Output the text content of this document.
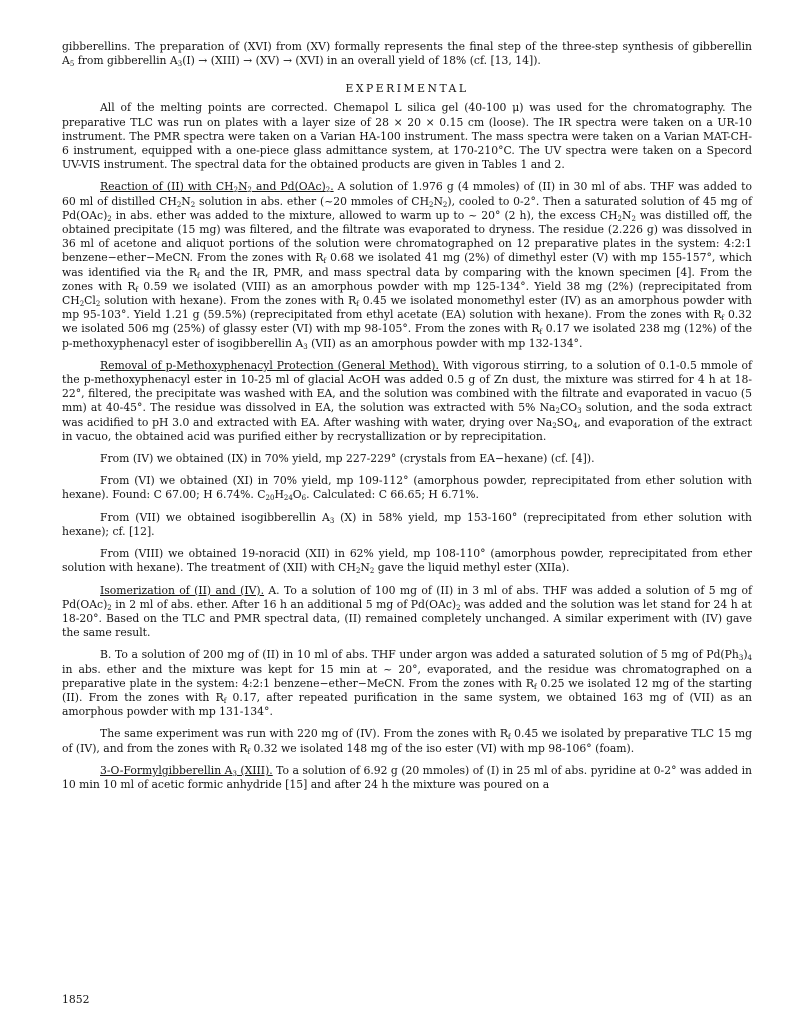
gibberellins. The preparation of (XVI) from (XV) formally represents the final step of the three-step synthesis of gibberellin $A_5$ from gibberellin $A_3(I)$ → (XIII) → (XV) → (XVI) in an overall yield of 18% (cf. [13, 14]).

EXPERIMENTAL

All of the melting points are corrected. Chemapol L silica gel (40-100 μ) was used for the chromatography. The preparative TLC was run on plates with a layer size of 28 × 20 × 0.15 cm (loose). The IR spectra were taken on a UR-10 instrument. The PMR spectra were taken on a Varian HA-100 instrument. The mass spectra were taken on a Varian MAT-CH-6 instrument, equipped with a one-piece glass admittance system, at 170-210°C. The UV spectra were taken on a Specord UV-VIS instrument. The spectral data for the obtained products are given in Tables 1 and 2.

Reaction of (II) with $CH_2N_2$ and $Pd(OAc)_2$. A solution of 1.976 g (4 mmoles) of (II) in 30 ml of abs. THF was added to 60 ml of distilled $CH_2N_2$ solution in abs. ether (~20 mmoles of $CH_2N_2$), cooled to 0-2°. Then a saturated solution of 45 mg of $Pd(OAc)_2$ in abs. ether was added to the mixture, allowed to warm up to ~ 20° (2 h), the excess $CH_2N_2$ was distilled off, the obtained precipitate (15 mg) was filtered, and the filtrate was evaporated to dryness. The residue (2.226 g) was dissolved in 36 ml of acetone and aliquot portions of the solution were chromatographed on 12 preparative plates in the system: 4:2:1 benzene−ether−MeCN. From the zones with $R_f$ 0.68 we isolated 41 mg (2%) of dimethyl ester (V) with mp 155-157°, which was identified via the $R_f$ and the IR, PMR, and mass spectral data by comparing with the known specimen [4]. From the zones with $R_f$ 0.59 we isolated (VIII) as an amorphous powder with mp 125-134°. Yield 38 mg (2%) (reprecipitated from $CH_2Cl_2$ solution with hexane). From the zones with $R_f$ 0.45 we isolated monomethyl ester (IV) as an amorphous powder with mp 95-103°. Yield 1.21 g (59.5%) (reprecipitated from ethyl acetate (EA) solution with hexane). From the zones with $R_f$ 0.32 we isolated 506 mg (25%) of glassy ester (VI) with mp 98-105°. From the zones with $R_f$ 0.17 we isolated 238 mg (12%) of the p-methoxyphenacyl ester of isogibberellin $A_3$ (VII) as an amorphous powder with mp 132-134°.

Removal of p-Methoxyphenacyl Protection (General Method). With vigorous stirring, to a solution of 0.1-0.5 mmole of the p-methoxyphenacyl ester in 10-25 ml of glacial AcOH was added 0.5 g of Zn dust, the mixture was stirred for 4 h at 18-22°, filtered, the precipitate was washed with EA, and the solution was combined with the filtrate and evaporated in vacuo (5 mm) at 40-45°. The residue was dissolved in EA, the solution was extracted with 5% $Na_2CO_3$ solution, and the soda extract was acidified to pH 3.0 and extracted with EA. After washing with water, drying over $Na_2SO_4$, and evaporation of the extract in vacuo, the obtained acid was purified either by recrystallization or by reprecipitation.

From (IV) we obtained (IX) in 70% yield, mp 227-229° (crystals from EA−hexane) (cf. [4]).

From (VI) we obtained (XI) in 70% yield, mp 109-112° (amorphous powder, reprecipitated from ether solution with hexane). Found: C 67.00; H 6.74%. $C_{20}H_{24}O_6$. Calculated: C 66.65; H 6.71%.

From (VII) we obtained isogibberellin $A_3$ (X) in 58% yield, mp 153-160° (reprecipitated from ether solution with hexane); cf. [12].

From (VIII) we obtained 19-noracid (XII) in 62% yield, mp 108-110° (amorphous powder, reprecipitated from ether solution with hexane). The treatment of (XII) with $CH_2N_2$ gave the liquid methyl ester (XIIa).

Isomerization of (II) and (IV). A. To a solution of 100 mg of (II) in 3 ml of abs. THF was added a solution of 5 mg of $Pd(OAc)_2$ in 2 ml of abs. ether. After 16 h an additional 5 mg of $Pd(OAc)_2$ was added and the solution was let stand for 24 h at 18-20°. Based on the TLC and PMR spectral data, (II) remained completely unchanged. A similar experiment with (IV) gave the same result.

B. To a solution of 200 mg of (II) in 10 ml of abs. THF under argon was added a saturated solution of 5 mg of $Pd(Ph_3)_4$ in abs. ether and the mixture was kept for 15 min at ~ 20°, evaporated, and the residue was chromatographed on a preparative plate in the system: 4:2:1 benzene−ether−MeCN. From the zones with $R_f$ 0.25 we isolated 12 mg of the starting (II). From the zones with $R_f$ 0.17, after repeated purification in the same system, we obtained 163 mg of (VII) as an amorphous powder with mp 131-134°.

The same experiment was run with 220 mg of (IV). From the zones with $R_f$ 0.45 we isolated by preparative TLC 15 mg of (IV), and from the zones with $R_f$ 0.32 we isolated 148 mg of the iso ester (VI) with mp 98-106° (foam).

3-O-Formylgibberellin $A_3$ (XIII). To a solution of 6.92 g (20 mmoles) of (I) in 25 ml of abs. pyridine at 0-2° was added in 10 min 10 ml of acetic formic anhydride [15] and after 24 h the mixture was poured on a

1852
